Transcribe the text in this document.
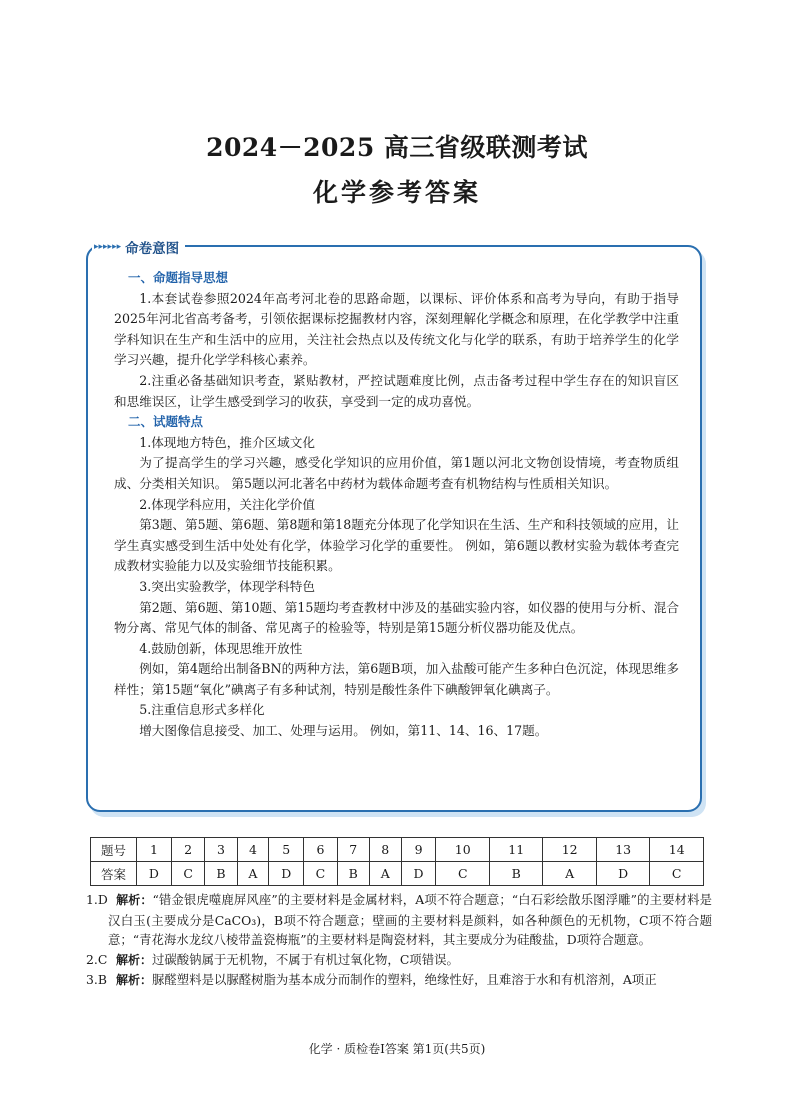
2024－2025 高三省级联测考试
化学参考答案
▸▸▸▸▸▸ 命卷意图

一、命题指导思想

1.本套试卷参照2024年高考河北卷的思路命题，以课标、评价体系和高考为导向，有助于指导2025年河北省高考备考，引领依据课标挖掘教材内容，深刻理解化学概念和原理，在化学教学中注重学科知识在生产和生活中的应用，关注社会热点以及传统文化与化学的联系，有助于培养学生的化学学习兴趣，提升化学学科核心素养。

2.注重必备基础知识考查，紧贴教材，严控试题难度比例，点击备考过程中学生存在的知识盲区和思维误区，让学生感受到学习的收获，享受到一定的成功喜悦。

二、试题特点

1.体现地方特色，推介区域文化

为了提高学生的学习兴趣，感受化学知识的应用价值，第1题以河北文物创设情境，考查物质组成、分类相关知识。 第5题以河北著名中药材为载体命题考查有机物结构与性质相关知识。

2.体现学科应用，关注化学价值

第3题、第5题、第6题、第8题和第18题充分体现了化学知识在生活、生产和科技领域的应用，让学生真实感受到生活中处处有化学，体验学习化学的重要性。 例如，第6题以教材实验为载体考查完成教材实验能力以及实验细节技能积累。

3.突出实验教学，体现学科特色

第2题、第6题、第10题、第15题均考查教材中涉及的基础实验内容，如仪器的使用与分析、混合物分离、常见气体的制备、常见离子的检验等，特别是第15题分析仪器功能及优点。

4.鼓励创新，体现思维开放性

例如，第4题给出制备BN的两种方法，第6题B项，加入盐酸可能产生多种白色沉淀，体现思维多样性；第15题“氧化”碘离子有多种试剂，特别是酸性条件下碘酸钾氧化碘离子。

5.注重信息形式多样化

增大图像信息接受、加工、处理与运用。 例如，第11、14、16、17题。

题号	1	2	3	4	5	6	7	8	9	10	11	12	13	14
答案	D	C	B	A	D	C	B	A	D	C	B	A	D	C

1.D 解析：“错金银虎噬鹿屏风座”的主要材料是金属材料，A项不符合题意；“白石彩绘散乐图浮雕”的主要材料是汉白玉(主要成分是CaCO₃)，B项不符合题意；壁画的主要材料是颜料，如各种颜色的无机物，C项不符合题意；“青花海水龙纹八棱带盖瓷梅瓶”的主要材料是陶瓷材料，其主要成分为硅酸盐，D项符合题意。

2.C 解析：过碳酸钠属于无机物，不属于有机过氧化物，C项错误。

3.B 解析：脲醛塑料是以脲醛树脂为基本成分而制作的塑料，绝缘性好，且难溶于水和有机溶剂，A项正

化学 · 质检卷Ⅰ答案 第1页(共5页)
